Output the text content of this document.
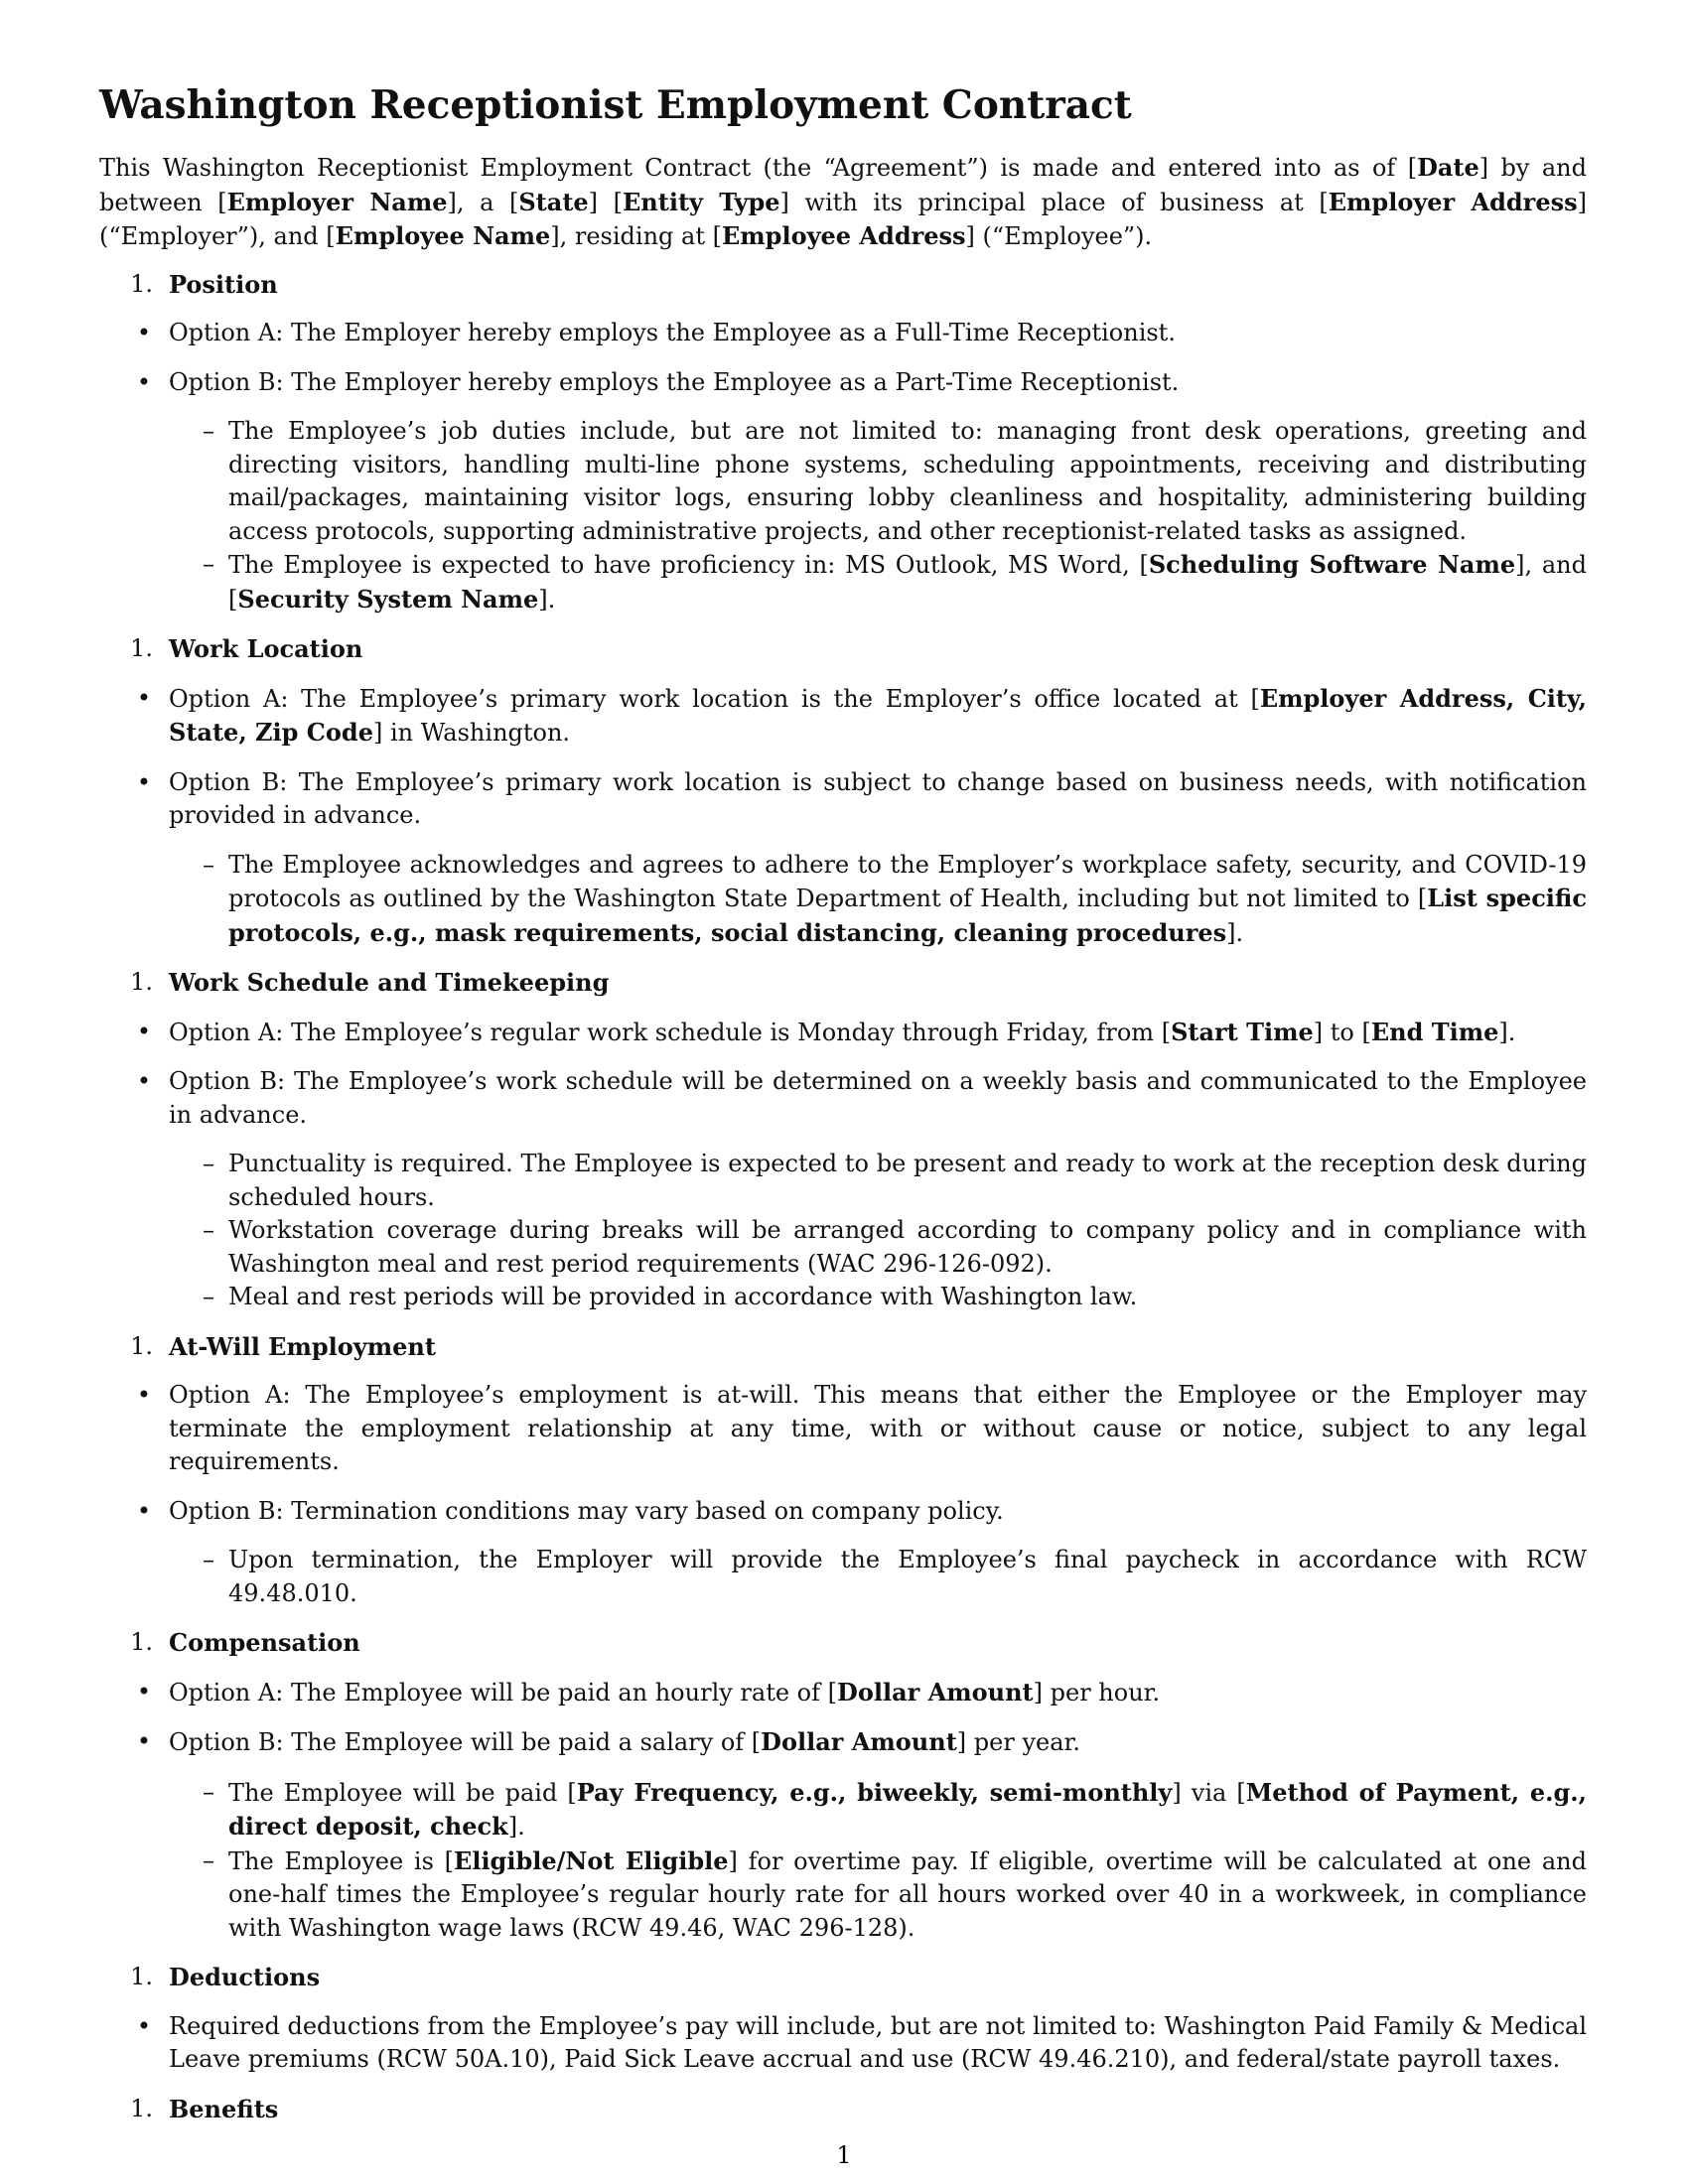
Washington Receptionist Employment Contract

This Washington Receptionist Employment Contract (the “Agreement”) is made and entered into as of [Date] by and between [Employer Name], a [State] [Entity Type] with its principal place of business at [Employer Address] (“Employer”), and [Employee Name], residing at [Employee Address] (“Employee”).

1. Position
• Option A: The Employer hereby employs the Employee as a Full-Time Receptionist.
• Option B: The Employer hereby employs the Employee as a Part-Time Receptionist.
– The Employee’s job duties include, but are not limited to: managing front desk operations, greeting and directing visitors, handling multi-line phone systems, scheduling appointments, receiving and distributing mail/packages, maintaining visitor logs, ensuring lobby cleanliness and hospitality, administering building access protocols, supporting administrative projects, and other receptionist-related tasks as assigned.
– The Employee is expected to have proficiency in: MS Outlook, MS Word, [Scheduling Software Name], and [Security System Name].
1. Work Location
• Option A: The Employee’s primary work location is the Employer’s office located at [Employer Address, City, State, Zip Code] in Washington.
• Option B: The Employee’s primary work location is subject to change based on business needs, with notification provided in advance.
– The Employee acknowledges and agrees to adhere to the Employer’s workplace safety, security, and COVID-19 protocols as outlined by the Washington State Department of Health, including but not limited to [List specific protocols, e.g., mask requirements, social distancing, cleaning procedures].
1. Work Schedule and Timekeeping
• Option A: The Employee’s regular work schedule is Monday through Friday, from [Start Time] to [End Time].
• Option B: The Employee’s work schedule will be determined on a weekly basis and communicated to the Employee in advance.
– Punctuality is required. The Employee is expected to be present and ready to work at the reception desk during scheduled hours.
– Workstation coverage during breaks will be arranged according to company policy and in compliance with Washington meal and rest period requirements (WAC 296-126-092).
– Meal and rest periods will be provided in accordance with Washington law.
1. At-Will Employment
• Option A: The Employee’s employment is at-will. This means that either the Employee or the Employer may terminate the employment relationship at any time, with or without cause or notice, subject to any legal requirements.
• Option B: Termination conditions may vary based on company policy.
– Upon termination, the Employer will provide the Employee’s final paycheck in accordance with RCW 49.48.010.
1. Compensation
• Option A: The Employee will be paid an hourly rate of [Dollar Amount] per hour.
• Option B: The Employee will be paid a salary of [Dollar Amount] per year.
– The Employee will be paid [Pay Frequency, e.g., biweekly, semi-monthly] via [Method of Payment, e.g., direct deposit, check].
– The Employee is [Eligible/Not Eligible] for overtime pay. If eligible, overtime will be calculated at one and one-half times the Employee’s regular hourly rate for all hours worked over 40 in a workweek, in compliance with Washington wage laws (RCW 49.46, WAC 296-128).
1. Deductions
• Required deductions from the Employee’s pay will include, but are not limited to: Washington Paid Family & Medical Leave premiums (RCW 50A.10), Paid Sick Leave accrual and use (RCW 49.46.210), and federal/state payroll taxes.
1. Benefits
1
